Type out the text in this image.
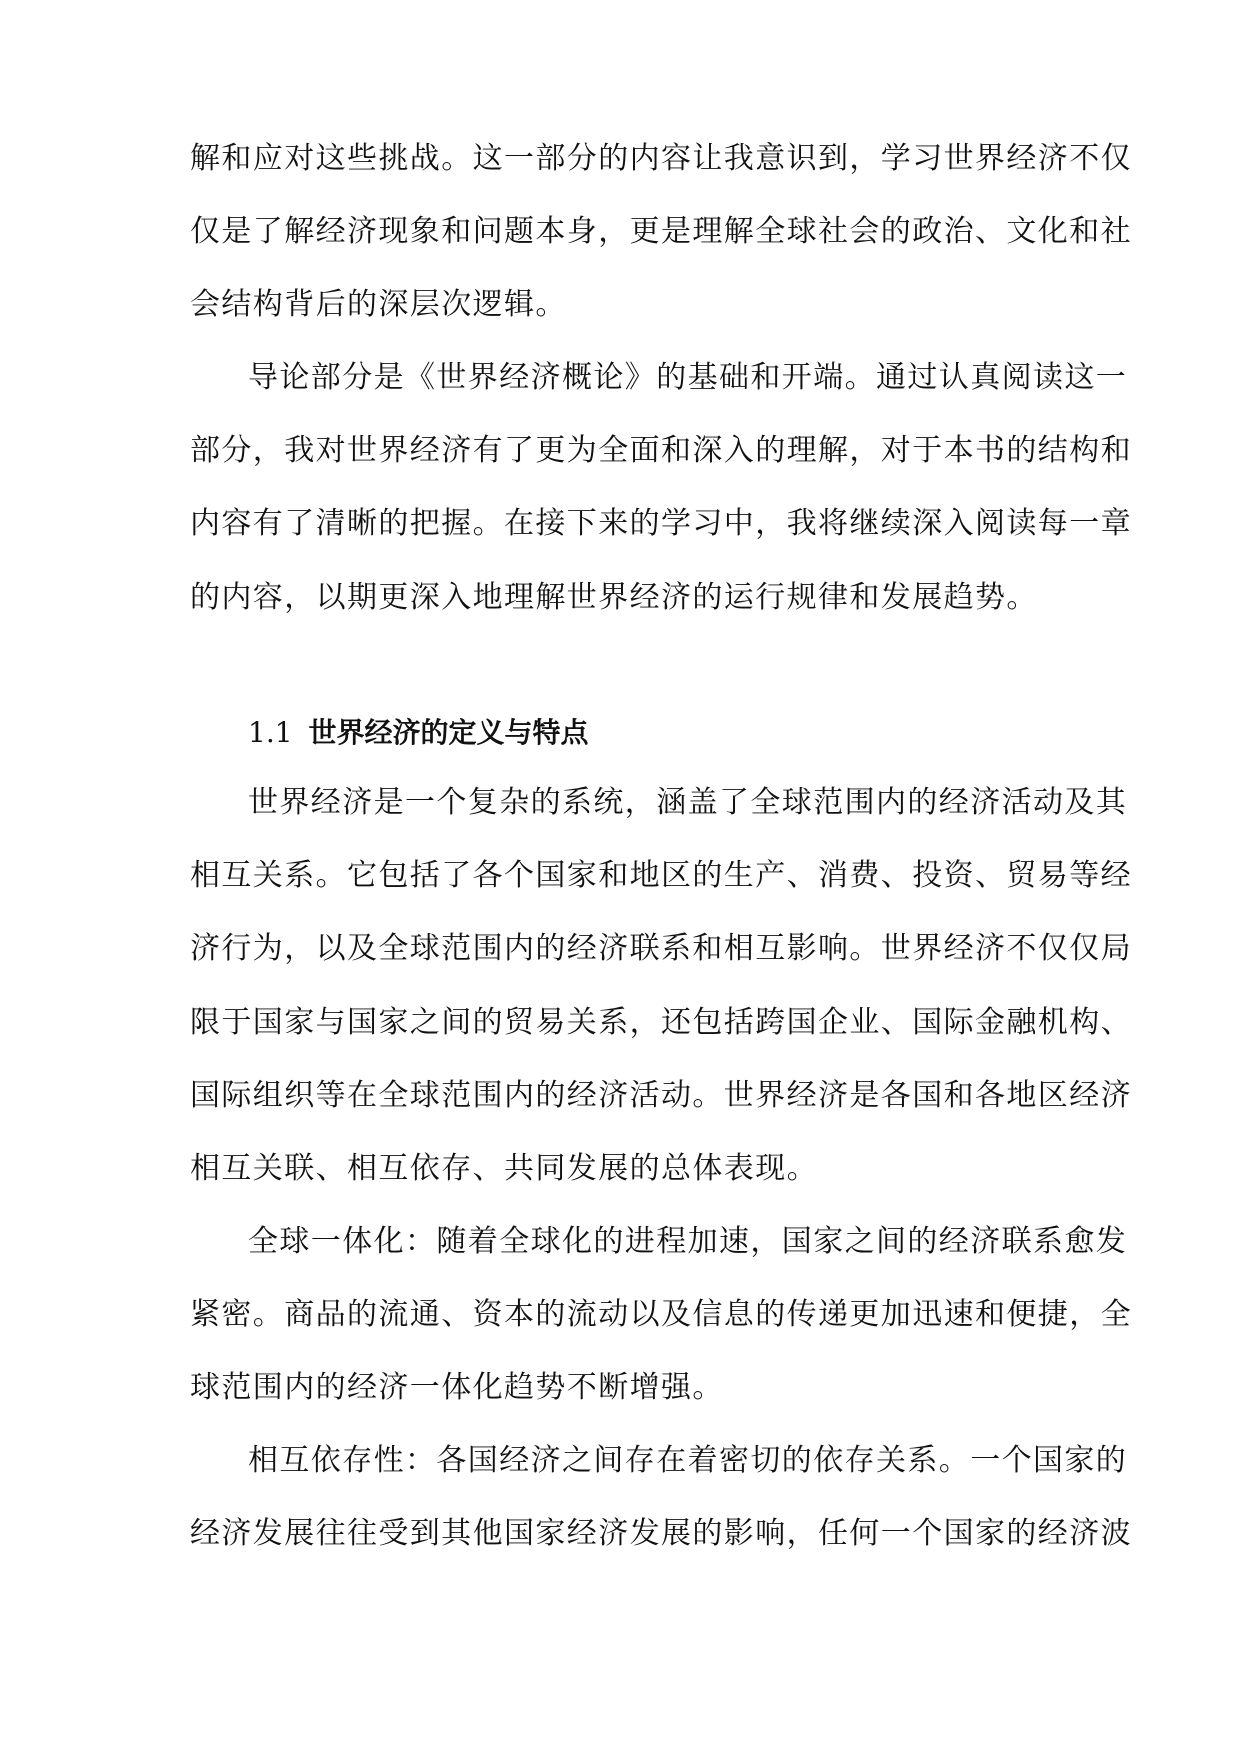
解和应对这些挑战。这一部分的内容让我意识到，学习世界经济不仅
仅是了解经济现象和问题本身，更是理解全球社会的政治、文化和社
会结构背后的深层次逻辑。
导论部分是《世界经济概论》的基础和开端。通过认真阅读这一
部分，我对世界经济有了更为全面和深入的理解，对于本书的结构和
内容有了清晰的把握。在接下来的学习中，我将继续深入阅读每一章
的内容，以期更深入地理解世界经济的运行规律和发展趋势。
1.1 世界经济的定义与特点
世界经济是一个复杂的系统，涵盖了全球范围内的经济活动及其
相互关系。它包括了各个国家和地区的生产、消费、投资、贸易等经
济行为，以及全球范围内的经济联系和相互影响。世界经济不仅仅局
限于国家与国家之间的贸易关系，还包括跨国企业、国际金融机构、
国际组织等在全球范围内的经济活动。世界经济是各国和各地区经济
相互关联、相互依存、共同发展的总体表现。
全球一体化：随着全球化的进程加速，国家之间的经济联系愈发
紧密。商品的流通、资本的流动以及信息的传递更加迅速和便捷，全
球范围内的经济一体化趋势不断增强。
相互依存性：各国经济之间存在着密切的依存关系。一个国家的
经济发展往往受到其他国家经济发展的影响，任何一个国家的经济波
